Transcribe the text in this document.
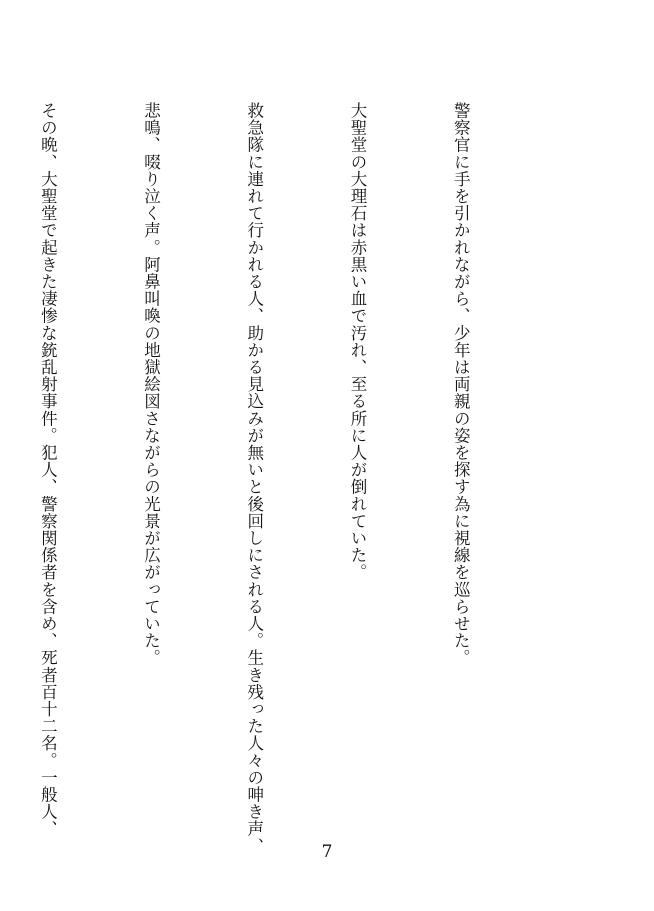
警察官に手を引かれながら、少年は両親の姿を探す為に視線を巡らせた。

大聖堂の大理石は赤黒い血で汚れ、至る所に人が倒れていた。

救急隊に連れて行かれる人、助かる見込みが無いと後回しにされる人。生き残った人々の呻き声、

悲鳴、啜り泣く声。阿鼻叫喚の地獄絵図さながらの光景が広がっていた。

その晩、大聖堂で起きた凄惨な銃乱射事件。犯人、警察関係者を含め、死者百十二名。一般人、

7
